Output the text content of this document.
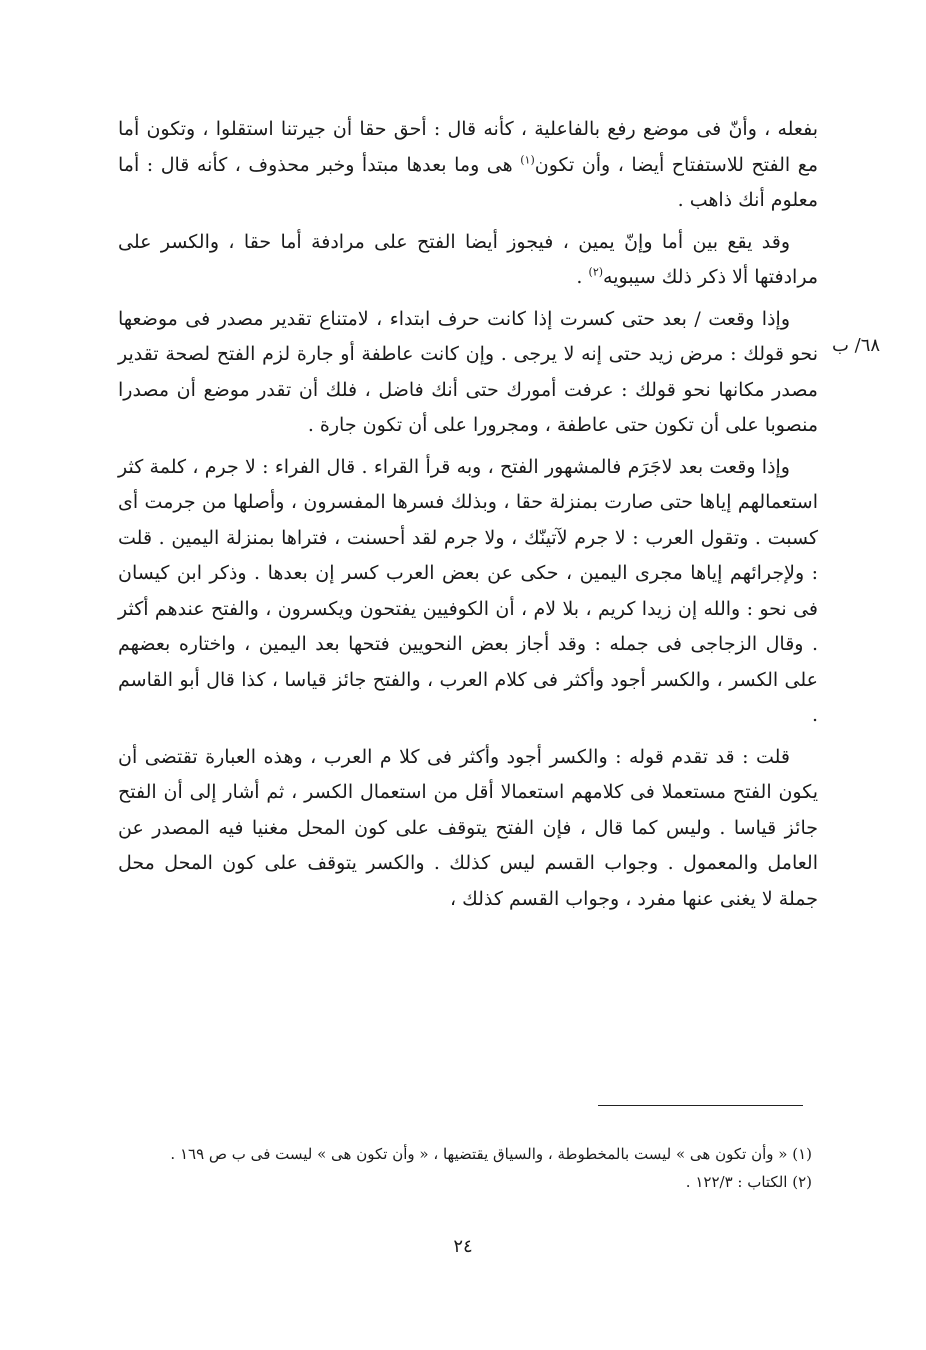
٦٨/ ب

بفعله ، وأنّ فى موضع رفع بالفاعلية ، كأنه قال : أحق حقا أن جيرتنا استقلوا ، وتكون أما مع الفتح للاستفتاح أيضا ، وأن تكون$^{(١)}$ هى وما بعدها مبتدأ وخبر محذوف ، كأنه قال : أما معلوم أنك ذاهب .

وقد يقع بين أما وإنّ يمين ، فيجوز أيضا الفتح على مرادفة أما حقا ، والكسر على مرادفتها ألا ذكر ذلك سيبويه$^{(٢)}$ .

وإذا وقعت / بعد حتى كسرت إذا كانت حرف ابتداء ، لامتناع تقدير مصدر فى موضعها نحو قولك : مرض زيد حتى إنه لا يرجى . وإن كانت عاطفة أو جارة لزم الفتح لصحة تقدير مصدر مكانها نحو قولك : عرفت أمورك حتى أنك فاضل ، فلك أن تقدر موضع أن مصدرا منصوبا على أن تكون حتى عاطفة ، ومجرورا على أن تكون جارة .

وإذا وقعت بعد لاجَرَم فالمشهور الفتح ، وبه قرأ القراء . قال الفراء : لا جرم ، كلمة كثر استعمالهم إياها حتى صارت بمنزلة حقا ، وبذلك فسرها المفسرون ، وأصلها من جرمت أى كسبت . وتقول العرب : لا جرم لآتينّك ، ولا جرم لقد أحسنت ، فتراها بمنزلة اليمين . قلت : ولإجرائهم إياها مجرى اليمين ، حكى عن بعض العرب كسر إن بعدها . وذكر ابن كيسان فى نحو : والله إن زيدا كريم ، بلا لام ، أن الكوفيين يفتحون ويكسرون ، والفتح عندهم أكثر . وقال الزجاجى فى جمله : وقد أجاز بعض النحويين فتحها بعد اليمين ، واختاره بعضهم على الكسر ، والكسر أجود وأكثر فى كلام العرب ، والفتح جائز قياسا ، كذا قال أبو القاسم .

قلت : قد تقدم قوله : والكسر أجود وأكثر فى كلا م العرب ، وهذه العبارة تقتضى أن يكون الفتح مستعملا فى كلامهم استعمالا أقل من استعمال الكسر ، ثم أشار إلى أن الفتح جائز قياسا . وليس كما قال ، فإن الفتح يتوقف على كون المحل مغنيا فيه المصدر عن العامل والمعمول . وجواب القسم ليس كذلك . والكسر يتوقف على كون المحل محل جملة لا يغنى عنها مفرد ، وجواب القسم كذلك ،

(١) « وأن تكون هى » ليست بالمخطوطة ، والسياق يقتضيها ، « وأن تكون هى » ليست فى ب ص ١٦٩ .

(٢) الكتاب : ١٢٢/٣ .

٢٤
